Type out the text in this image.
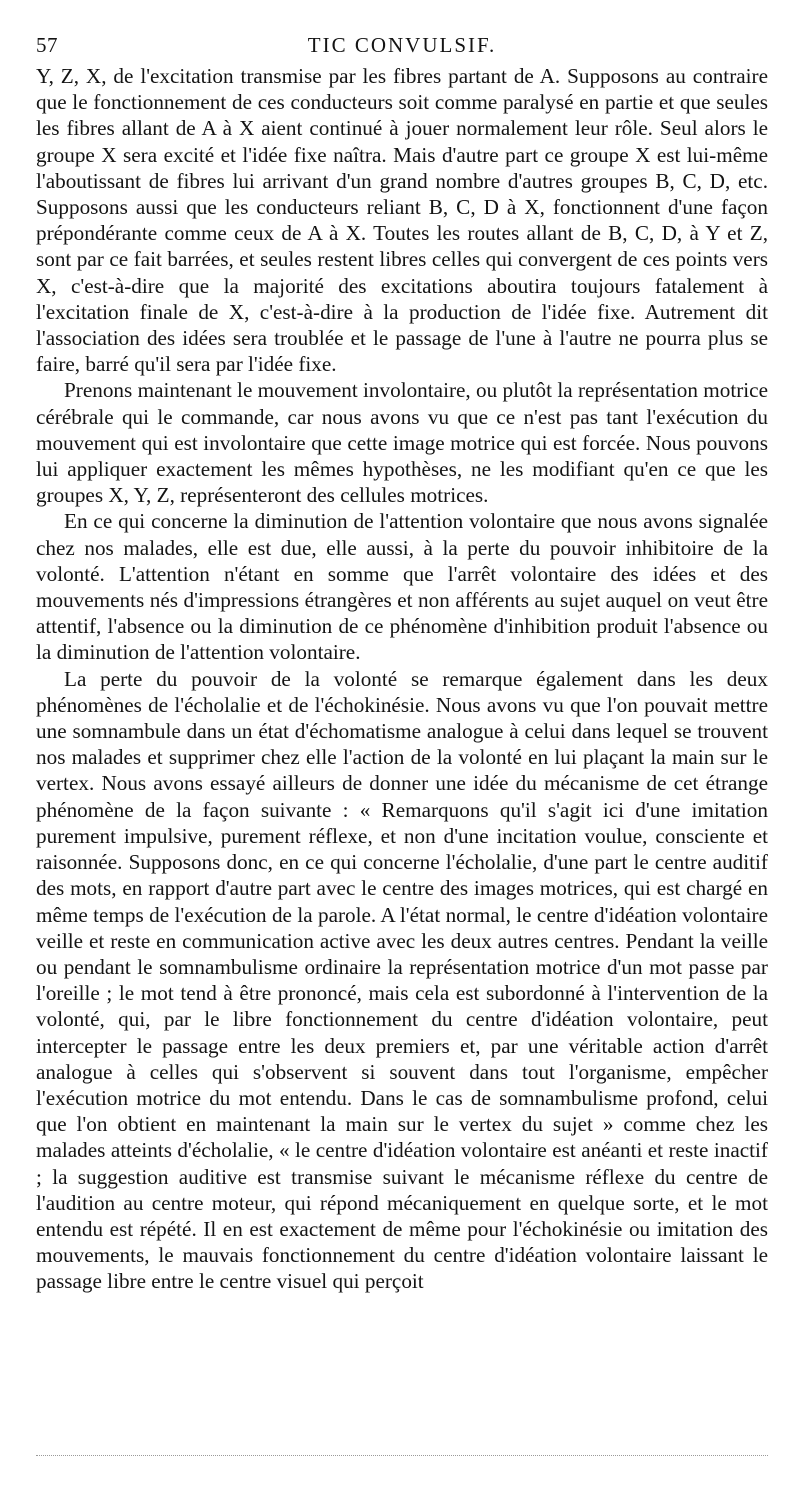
57	TIC CONVULSIF.

Y, Z, X, de l'excitation transmise par les fibres partant de A. Supposons au contraire que le fonctionnement de ces conducteurs soit comme paralysé en partie et que seules les fibres allant de A à X aient continué à jouer normalement leur rôle. Seul alors le groupe X sera excité et l'idée fixe naîtra. Mais d'autre part ce groupe X est lui-même l'aboutissant de fibres lui arrivant d'un grand nombre d'autres groupes B, C, D, etc. Supposons aussi que les conducteurs reliant B, C, D à X, fonctionnent d'une façon prépondérante comme ceux de A à X. Toutes les routes allant de B, C, D, à Y et Z, sont par ce fait barrées, et seules restent libres celles qui convergent de ces points vers X, c'est-à-dire que la majorité des excitations aboutira toujours fatalement à l'excitation finale de X, c'est-à-dire à la production de l'idée fixe. Autrement dit l'association des idées sera troublée et le passage de l'une à l'autre ne pourra plus se faire, barré qu'il sera par l'idée fixe.

Prenons maintenant le mouvement involontaire, ou plutôt la représentation motrice cérébrale qui le commande, car nous avons vu que ce n'est pas tant l'exécution du mouvement qui est involontaire que cette image motrice qui est forcée. Nous pouvons lui appliquer exactement les mêmes hypothèses, ne les modifiant qu'en ce que les groupes X, Y, Z, représenteront des cellules motrices.

En ce qui concerne la diminution de l'attention volontaire que nous avons signalée chez nos malades, elle est due, elle aussi, à la perte du pouvoir inhibitoire de la volonté. L'attention n'étant en somme que l'arrêt volontaire des idées et des mouvements nés d'impressions étrangères et non afférents au sujet auquel on veut être attentif, l'absence ou la diminution de ce phénomène d'inhibition produit l'absence ou la diminution de l'attention volontaire.

La perte du pouvoir de la volonté se remarque également dans les deux phénomènes de l'écholalie et de l'échokinésie. Nous avons vu que l'on pouvait mettre une somnambule dans un état d'échomatisme analogue à celui dans lequel se trouvent nos malades et supprimer chez elle l'action de la volonté en lui plaçant la main sur le vertex. Nous avons essayé ailleurs de donner une idée du mécanisme de cet étrange phénomène de la façon suivante : « Remarquons qu'il s'agit ici d'une imitation purement impulsive, purement réflexe, et non d'une incitation voulue, consciente et raisonnée. Supposons donc, en ce qui concerne l'écholalie, d'une part le centre auditif des mots, en rapport d'autre part avec le centre des images motrices, qui est chargé en même temps de l'exécution de la parole. A l'état normal, le centre d'idéation volontaire veille et reste en communication active avec les deux autres centres. Pendant la veille ou pendant le somnambulisme ordinaire la représentation motrice d'un mot passe par l'oreille ; le mot tend à être prononcé, mais cela est subordonné à l'intervention de la volonté, qui, par le libre fonctionnement du centre d'idéation volontaire, peut intercepter le passage entre les deux premiers et, par une véritable action d'arrêt analogue à celles qui s'observent si souvent dans tout l'organisme, empêcher l'exécution motrice du mot entendu. Dans le cas de somnambulisme profond, celui que l'on obtient en maintenant la main sur le vertex du sujet » comme chez les malades atteints d'écholalie, « le centre d'idéation volontaire est anéanti et reste inactif ; la suggestion auditive est transmise suivant le mécanisme réflexe du centre de l'audition au centre moteur, qui répond mécaniquement en quelque sorte, et le mot entendu est répété. Il en est exactement de même pour l'échokinésie ou imitation des mouvements, le mauvais fonctionnement du centre d'idéation volontaire laissant le passage libre entre le centre visuel qui perçoit
